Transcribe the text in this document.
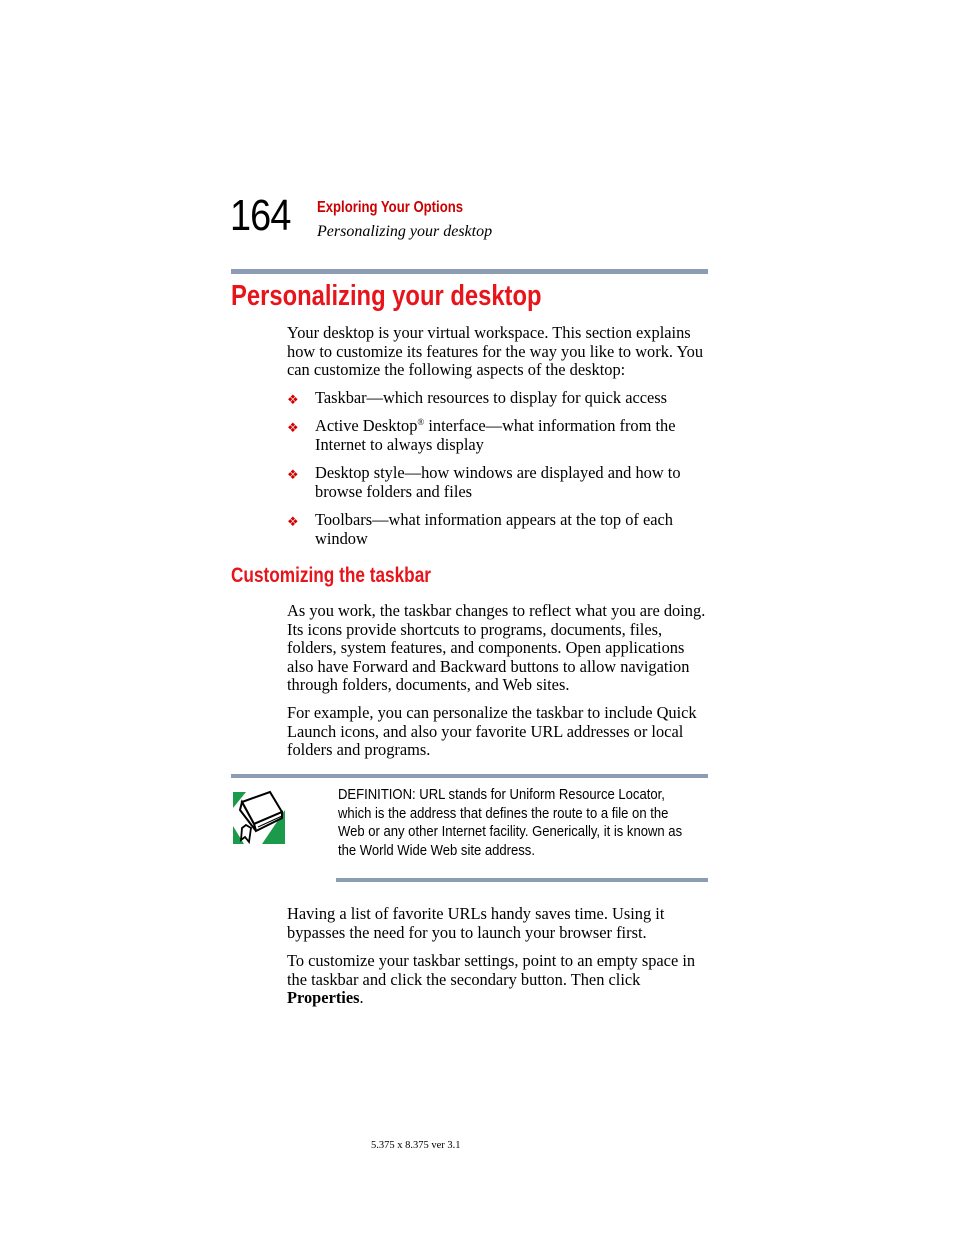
164 Exploring Your Options
Personalizing your desktop
Personalizing your desktop

Your desktop is your virtual workspace. This section explains how to customize its features for the way you like to work. You can customize the following aspects of the desktop:

❖ Taskbar—which resources to display for quick access
❖ Active Desktop® interface—what information from the Internet to always display
❖ Desktop style—how windows are displayed and how to browse folders and files
❖ Toolbars—what information appears at the top of each window
Customizing the taskbar

As you work, the taskbar changes to reflect what you are doing. Its icons provide shortcuts to programs, documents, files, folders, system features, and components. Open applications also have Forward and Backward buttons to allow navigation through folders, documents, and Web sites.

For example, you can personalize the taskbar to include Quick Launch icons, and also your favorite URL addresses or local folders and programs.

DEFINITION: URL stands for Uniform Resource Locator, which is the address that defines the route to a file on the Web or any other Internet facility. Generically, it is known as the World Wide Web site address.

Having a list of favorite URLs handy saves time. Using it bypasses the need for you to launch your browser first.

To customize your taskbar settings, point to an empty space in the taskbar and click the secondary button. Then click Properties.

5.375 x 8.375 ver 3.1
